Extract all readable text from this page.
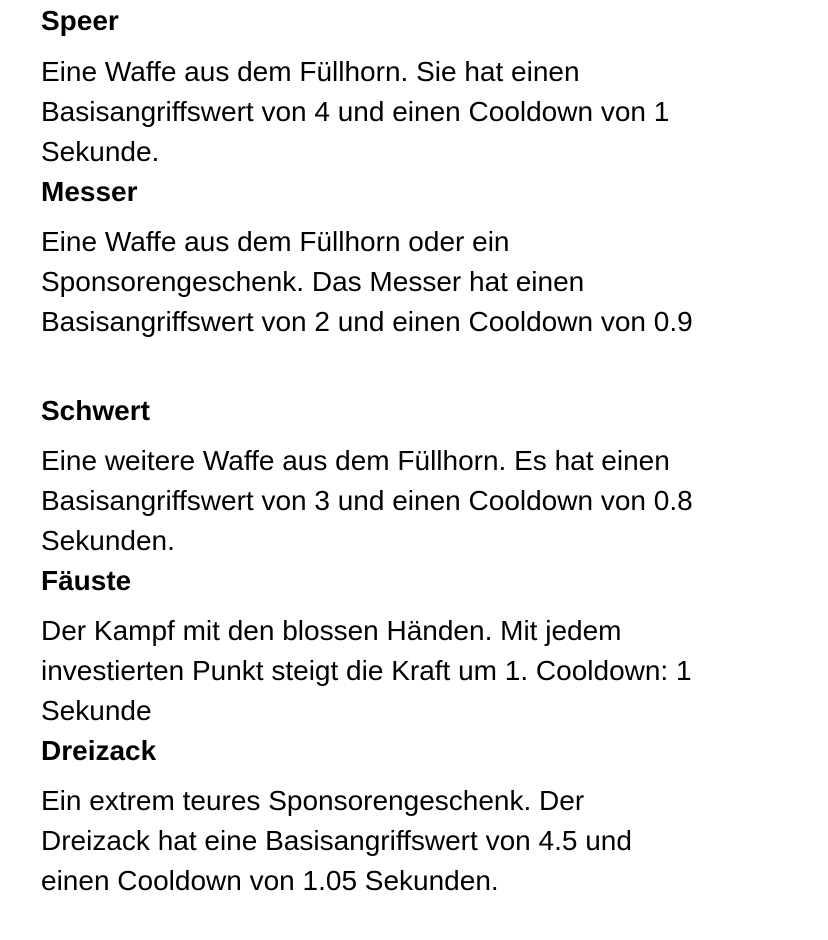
Speer
Eine Waffe aus dem Füllhorn. Sie hat einen
Basisangriffswert von 4 und einen Cooldown von 1
Sekunde.
Messer
Eine Waffe aus dem Füllhorn oder ein
Sponsorengeschenk. Das Messer hat einen
Basisangriffswert von 2 und einen Cooldown von 0.9
Schwert
Eine weitere Waffe aus dem Füllhorn. Es hat einen
Basisangriffswert von 3 und einen Cooldown von 0.8
Sekunden.
Fäuste
Der Kampf mit den blossen Händen. Mit jedem
investierten Punkt steigt die Kraft um 1. Cooldown: 1
Sekunde
Dreizack
Ein extrem teures Sponsorengeschenk. Der
Dreizack hat eine Basisangriffswert von 4.5 und
einen Cooldown von 1.05 Sekunden.
